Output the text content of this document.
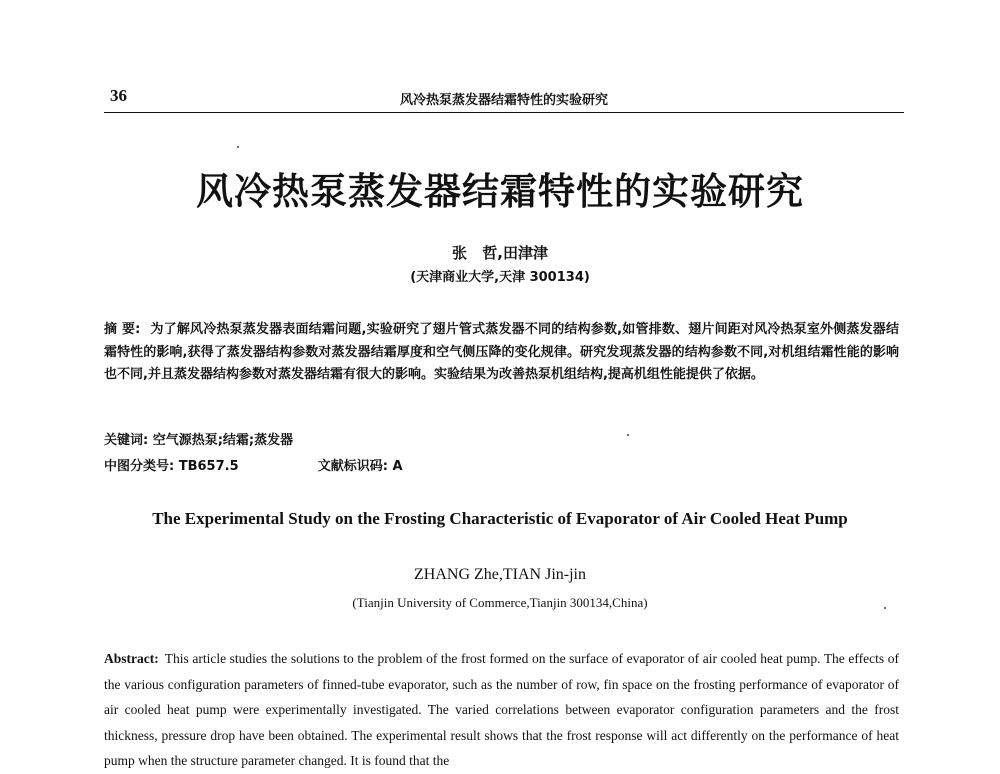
36	风冷热泵蒸发器结霜特性的实验研究
风冷热泵蒸发器结霜特性的实验研究
张 哲,田津津
(天津商业大学,天津 300134)
摘 要: 为了解风冷热泵蒸发器表面结霜问题,实验研究了翅片管式蒸发器不同的结构参数,如管排数、翅片间距对风冷热泵室外侧蒸发器结霜特性的影响,获得了蒸发器结构参数对蒸发器结霜厚度和空气侧压降的变化规律。研究发现蒸发器的结构参数不同,对机组结霜性能的影响也不同,并且蒸发器结构参数对蒸发器结霜有很大的影响。实验结果为改善热泵机组结构,提高机组性能提供了依据。
关键词: 空气源热泵;结霜;蒸发器
中图分类号: TB657.5	文献标识码: A
The Experimental Study on the Frosting Characteristic of Evaporator of Air Cooled Heat Pump
ZHANG Zhe,TIAN Jin-jin
(Tianjin University of Commerce,Tianjin 300134,China)
Abstract: This article studies the solutions to the problem of the frost formed on the surface of evaporator of air cooled heat pump. The effects of the various configuration parameters of finned-tube evaporator, such as the number of row, fin space on the frosting performance of evaporator of air cooled heat pump were experimentally investigated. The varied correlations between evaporator configuration parameters and the frost thickness, pressure drop have been obtained. The experimental result shows that the frost response will act differently on the performance of heat pump when the structure parameter changed. It is found that the
